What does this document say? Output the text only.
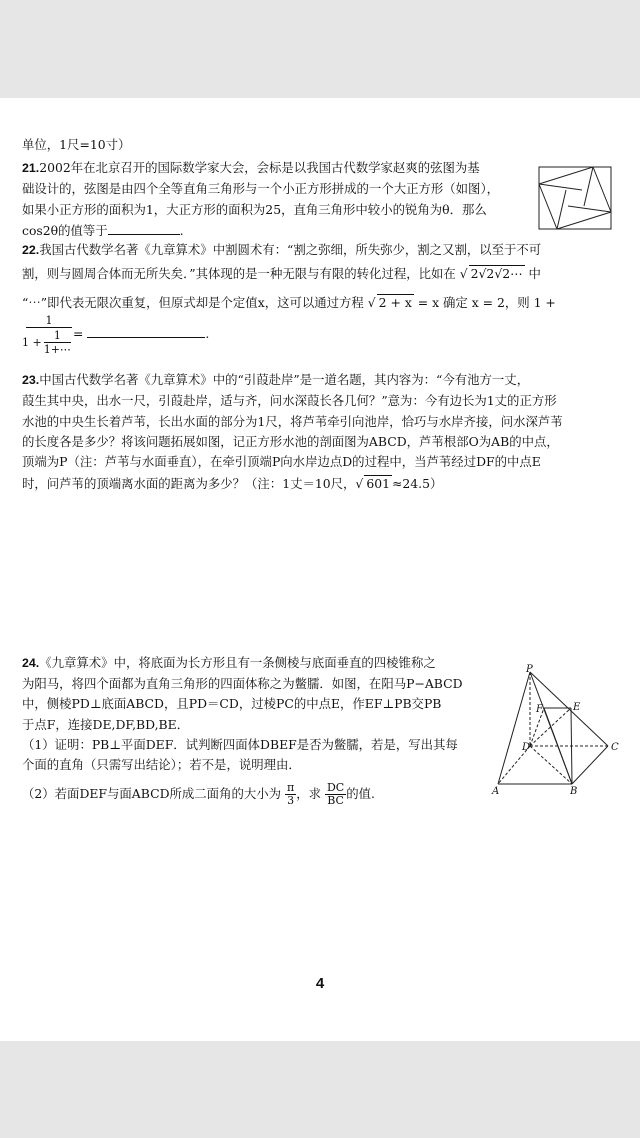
单位，1尺=10寸）
21.2002年在北京召开的国际数学家大会，会标是以我国古代数学家赵爽的弦图为基
础设计的，弦图是由四个全等直角三角形与一个小正方形拼成的一个大正方形（如图），
如果小正方形的面积为1，大正方形的面积为25，直角三角形中较小的锐角为θ．那么
cos2θ的值等于	.
22.我国古代数学名著《九章算术》中割圆术有：“割之弥细，所失弥少，割之又割，以至于不可
割，则与圆周合体而无所失矣．”其体现的是一种无限与有限的转化过程，比如在 √ 2√2√2⋯ 中
“⋯”即代表无限次重复，但原式却是个定值x，这可以通过方程 √ 2 + x = x 确定 x = 2，则 1 +
1
$1 + \frac{1}{1+\cdots}$ =	.
23.中国古代数学名著《九章算术》中的“引葭赴岸”是一道名题，其内容为：“今有池方一丈，
葭生其中央，出水一尺，引葭赴岸，适与齐，问水深葭长各几何？”意为：今有边长为1丈的正方形
水池的中央生长着芦苇，长出水面的部分为1尺，将芦苇牵引向池岸，恰巧与水岸齐接，问水深芦苇
的长度各是多少？将该问题拓展如图，记正方形水池的剖面图为ABCD，芦苇根部O为AB的中点，
顶端为P（注：芦苇与水面垂直），在牵引顶端P向水岸边点D的过程中，当芦苇经过DF的中点E
时，问芦苇的顶端离水面的距离为多少？（注：1丈＝10尺，√ 601 ≈24.5）
24.《九章算术》中，将底面为长方形且有一条侧棱与底面垂直的四棱锥称之
为阳马，将四个面都为直角三角形的四面体称之为鳖臑．如图，在阳马P−ABCD
中，侧棱PD⊥底面ABCD，且PD＝CD，过棱PC的中点E，作EF⊥PB交PB
于点F，连接DE,DF,BD,BE．
（1）证明：PB⊥平面DEF．试判断四面体DBEF是否为鳖臑，若是，写出其每
个面的直角（只需写出结论）；若不是，说明理由．
（2）若面DEF与面ABCD所成二面角的大小为 $\frac{\pi}{3}$ ，求 $\frac{DC}{BC}$ 的值.
P
F	E
D	C
A	B
4
